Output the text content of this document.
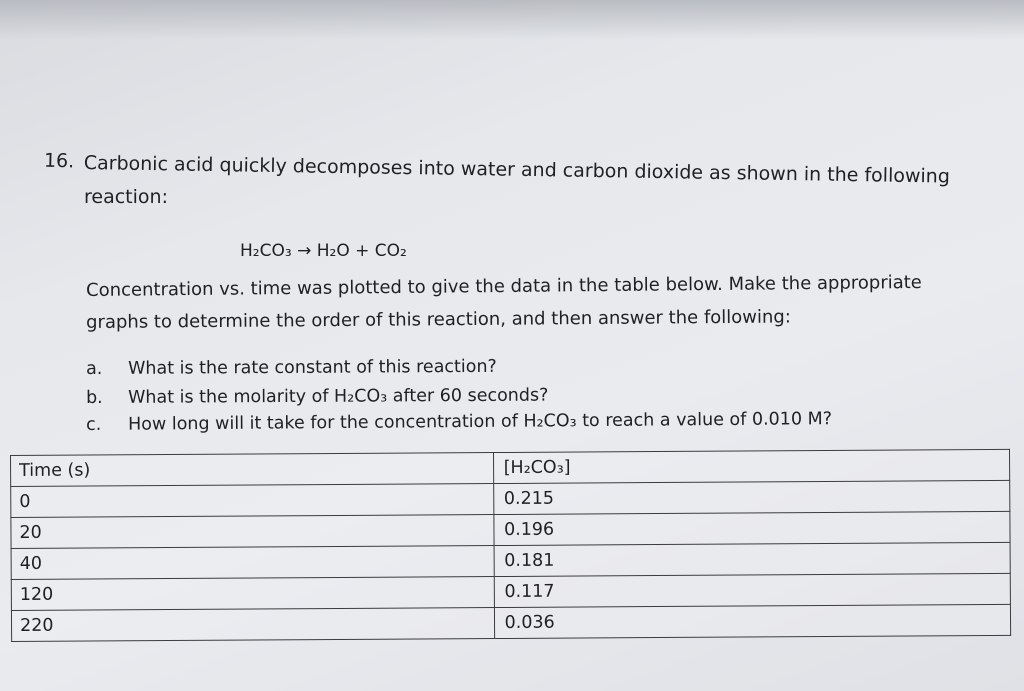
16. Carbonic acid quickly decomposes into water and carbon dioxide as shown in the following
reaction:
H₂CO₃ → H₂O + CO₂
Concentration vs. time was plotted to give the data in the table below. Make the appropriate
graphs to determine the order of this reaction, and then answer the following:
a. What is the rate constant of this reaction?
b. What is the molarity of H₂CO₃ after 60 seconds?
c. How long will it take for the concentration of H₂CO₃ to reach a value of 0.010 M?
Time (s)	[H₂CO₃]
0	0.215
20	0.196
40	0.181
120	0.117
220	0.036
